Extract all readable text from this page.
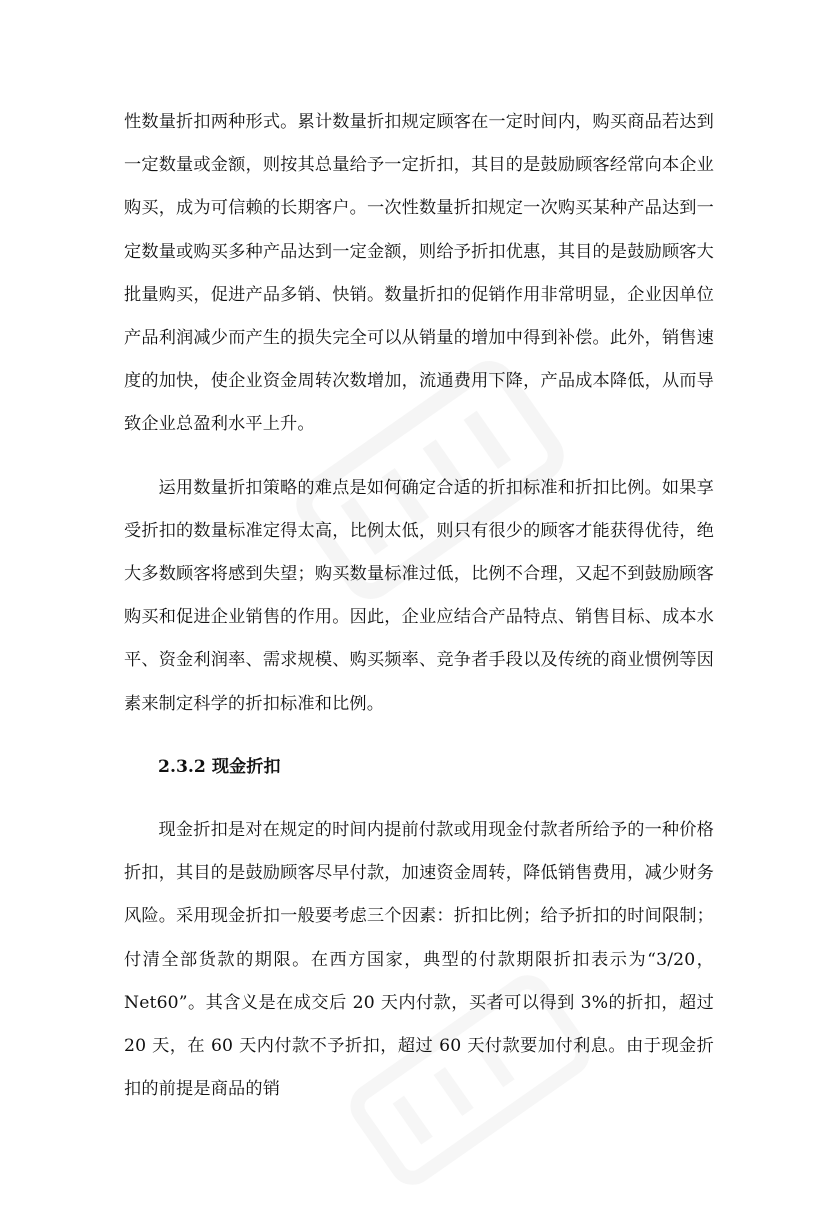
性数量折扣两种形式。累计数量折扣规定顾客在一定时间内，购买商品若达到一定数量或金额，则按其总量给予一定折扣，其目的是鼓励顾客经常向本企业购买，成为可信赖的长期客户。一次性数量折扣规定一次购买某种产品达到一定数量或购买多种产品达到一定金额，则给予折扣优惠，其目的是鼓励顾客大批量购买，促进产品多销、快销。数量折扣的促销作用非常明显，企业因单位产品利润减少而产生的损失完全可以从销量的增加中得到补偿。此外，销售速度的加快，使企业资金周转次数增加，流通费用下降，产品成本降低，从而导致企业总盈利水平上升。

运用数量折扣策略的难点是如何确定合适的折扣标准和折扣比例。如果享受折扣的数量标准定得太高，比例太低，则只有很少的顾客才能获得优待，绝大多数顾客将感到失望；购买数量标准过低，比例不合理，又起不到鼓励顾客购买和促进企业销售的作用。因此，企业应结合产品特点、销售目标、成本水平、资金利润率、需求规模、购买频率、竞争者手段以及传统的商业惯例等因素来制定科学的折扣标准和比例。

2.3.2 现金折扣

现金折扣是对在规定的时间内提前付款或用现金付款者所给予的一种价格折扣，其目的是鼓励顾客尽早付款，加速资金周转，降低销售费用，减少财务风险。采用现金折扣一般要考虑三个因素：折扣比例；给予折扣的时间限制；付清全部货款的期限。在西方国家，典型的付款期限折扣表示为“3/20，Net60”。其含义是在成交后 20 天内付款，买者可以得到 3%的折扣，超过 20 天，在 60 天内付款不予折扣，超过 60 天付款要加付利息。由于现金折扣的前提是商品的销
